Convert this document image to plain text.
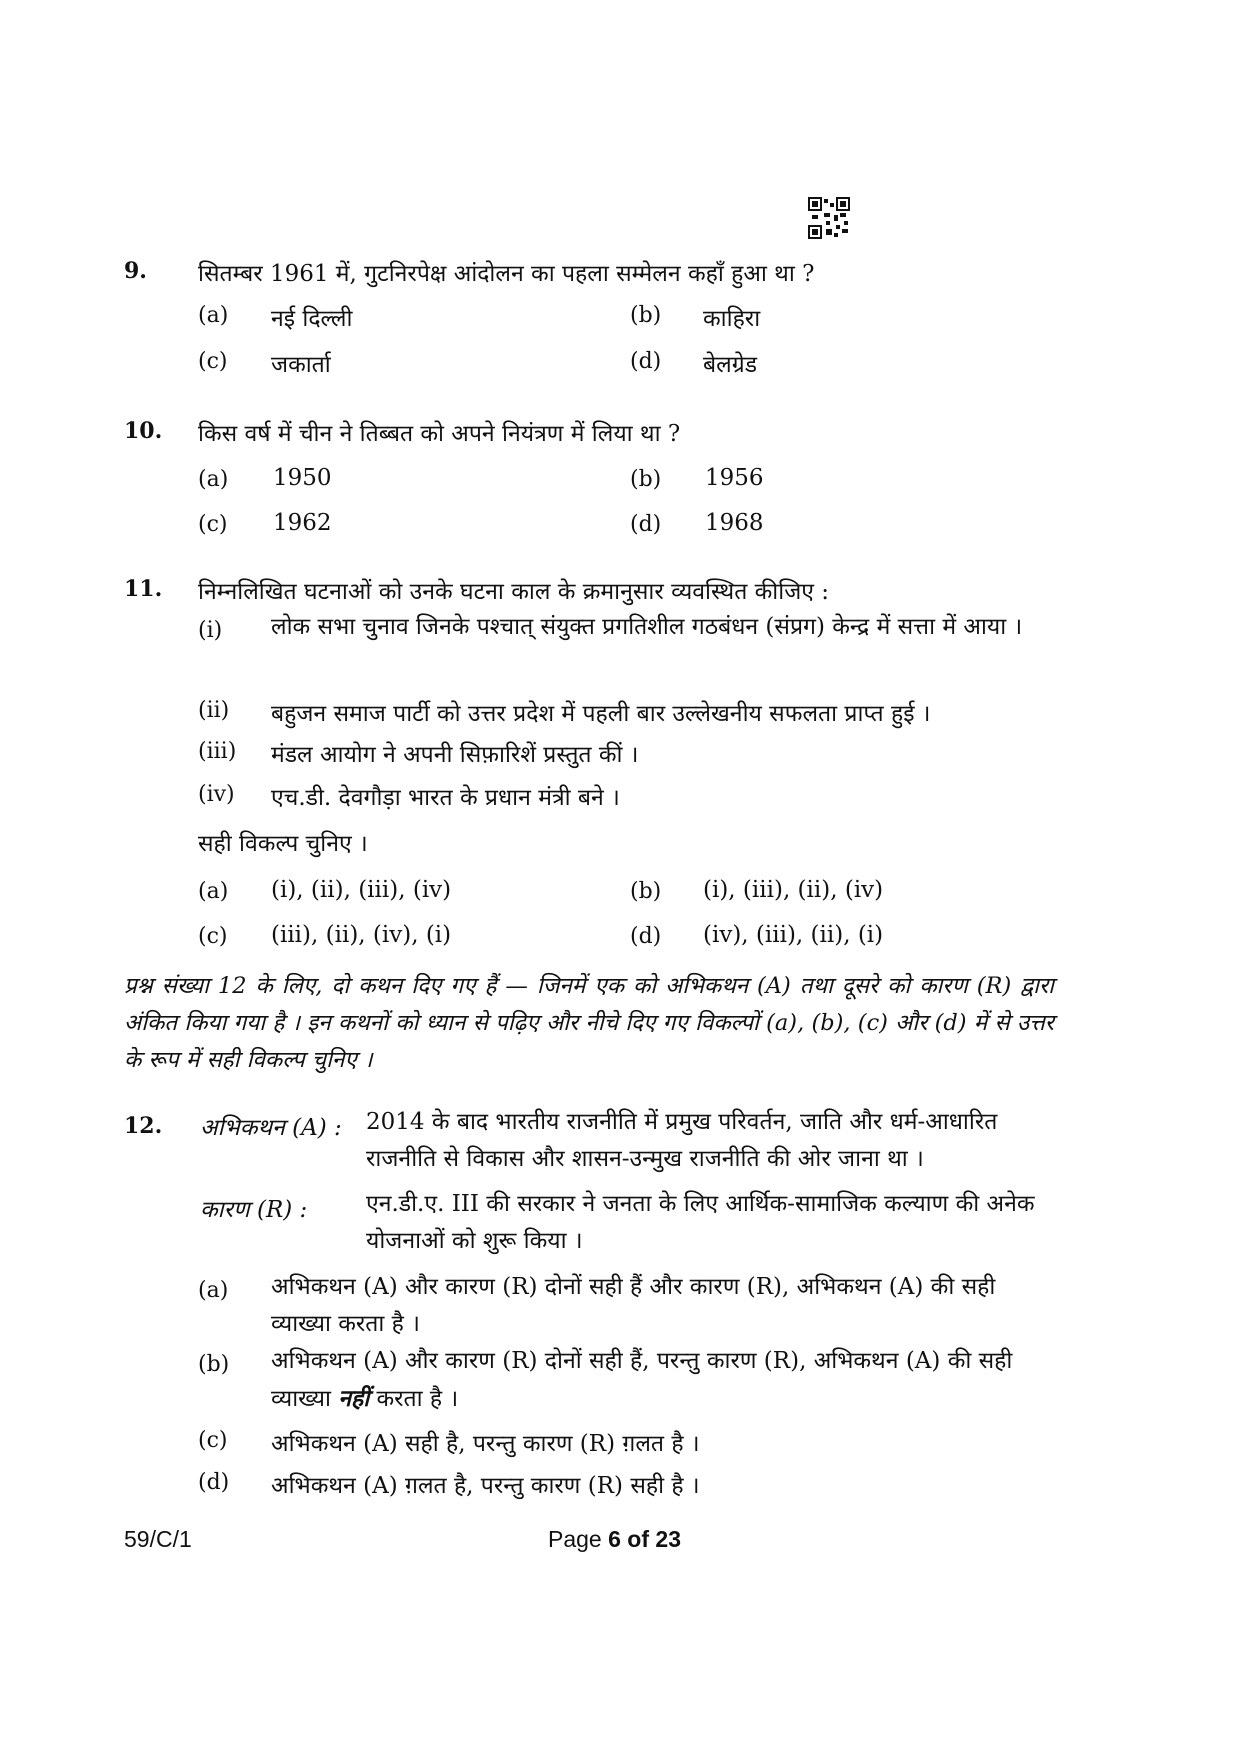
9. सितम्बर 1961 में, गुटनिरपेक्ष आंदोलन का पहला सम्मेलन कहाँ हुआ था ?
(a) नई दिल्ली	(b) काहिरा
(c) जकार्ता	(d) बेलग्रेड
10. किस वर्ष में चीन ने तिब्बत को अपने नियंत्रण में लिया था ?
(a) 1950	(b) 1956
(c) 1962	(d) 1968
11. निम्नलिखित घटनाओं को उनके घटना काल के क्रमानुसार व्यवस्थित कीजिए :
(i) लोक सभा चुनाव जिनके पश्चात् संयुक्त प्रगतिशील गठबंधन (संप्रग) केन्द्र में सत्ता में आया ।
(ii) बहुजन समाज पार्टी को उत्तर प्रदेश में पहली बार उल्लेखनीय सफलता प्राप्त हुई ।
(iii) मंडल आयोग ने अपनी सिफ़ारिशें प्रस्तुत कीं ।
(iv) एच.डी. देवगौड़ा भारत के प्रधान मंत्री बने ।
सही विकल्प चुनिए ।
(a) (i), (ii), (iii), (iv)	(b) (i), (iii), (ii), (iv)
(c) (iii), (ii), (iv), (i)	(d) (iv), (iii), (ii), (i)
प्रश्न संख्या 12 के लिए, दो कथन दिए गए हैं — जिनमें एक को अभिकथन (A) तथा दूसरे को कारण (R) द्वारा अंकित किया गया है । इन कथनों को ध्यान से पढ़िए और नीचे दिए गए विकल्पों (a), (b), (c) और (d) में से उत्तर के रूप में सही विकल्प चुनिए ।
12. अभिकथन (A) : 2014 के बाद भारतीय राजनीति में प्रमुख परिवर्तन, जाति और धर्म-आधारित राजनीति से विकास और शासन-उन्मुख राजनीति की ओर जाना था ।
कारण (R) :	एन.डी.ए. III की सरकार ने जनता के लिए आर्थिक-सामाजिक कल्याण की अनेक योजनाओं को शुरू किया ।
(a) अभिकथन (A) और कारण (R) दोनों सही हैं और कारण (R), अभिकथन (A) की सही व्याख्या करता है ।
(b) अभिकथन (A) और कारण (R) दोनों सही हैं, परन्तु कारण (R), अभिकथन (A) की सही व्याख्या नहीं करता है ।
(c) अभिकथन (A) सही है, परन्तु कारण (R) ग़लत है ।
(d) अभिकथन (A) ग़लत है, परन्तु कारण (R) सही है ।
59/C/1	Page 6 of 23
